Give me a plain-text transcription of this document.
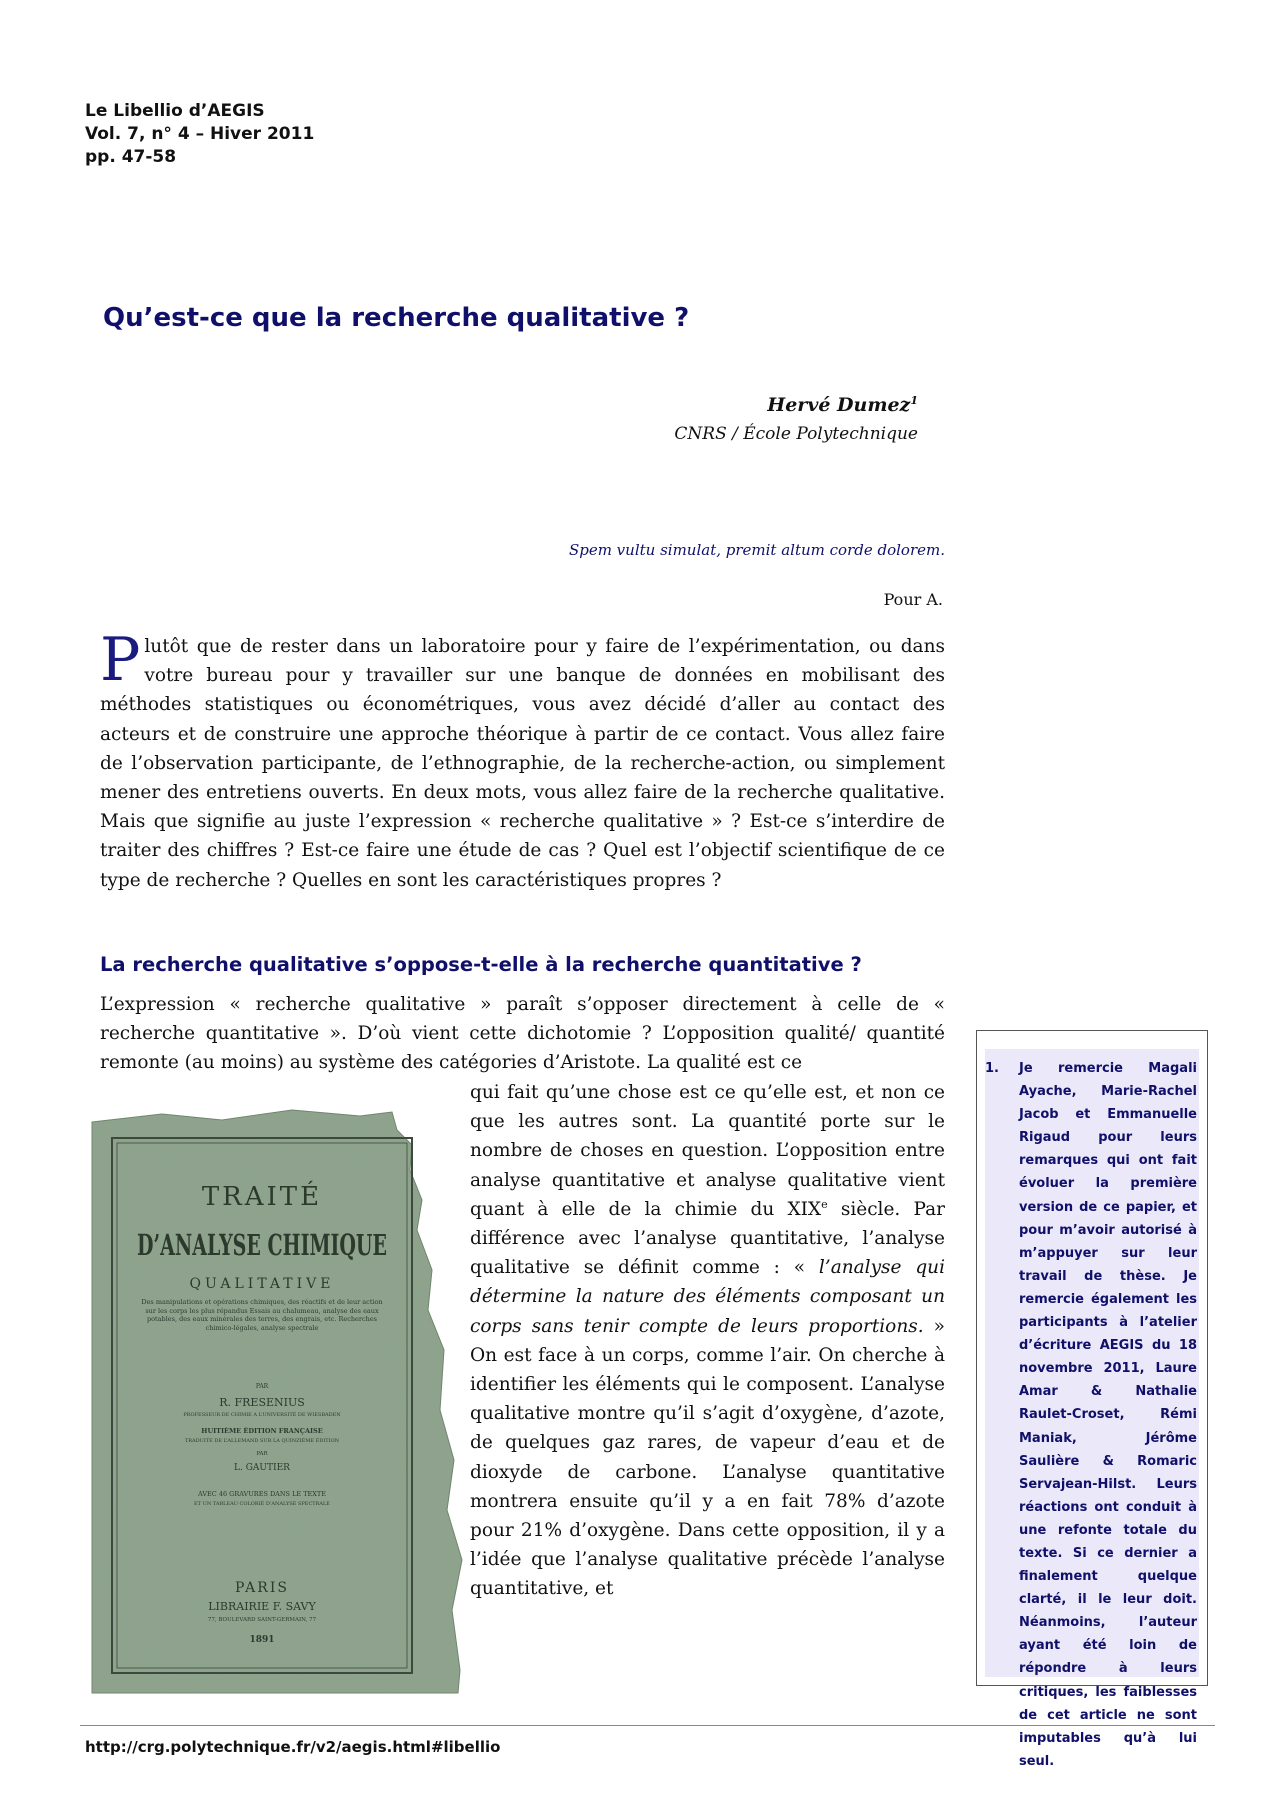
Le Libellio d’AEGIS
Vol. 7, n° 4 – Hiver 2011
pp. 47-58
Qu’est-ce que la recherche qualitative ?
Hervé Dumez$^1$
CNRS / École Polytechnique
Spem vultu simulat, premit altum corde dolorem.
Pour A.
Plutôt que de rester dans un laboratoire pour y faire de l’expérimentation, ou dans votre bureau pour y travailler sur une banque de données en mobilisant des méthodes statistiques ou économétriques, vous avez décidé d’aller au contact des acteurs et de construire une approche théorique à partir de ce contact. Vous allez faire de l’observation participante, de l’ethnographie, de la recherche-action, ou simplement mener des entretiens ouverts. En deux mots, vous allez faire de la recherche qualitative. Mais que signifie au juste l’expression « recherche qualitative » ? Est-ce s’interdire de traiter des chiffres ? Est-ce faire une étude de cas ? Quel est l’objectif scientifique de ce type de recherche ? Quelles en sont les caractéristiques propres ?
La recherche qualitative s’oppose-t-elle à la recherche quantitative ?
L’expression « recherche qualitative » paraît s’opposer directement à celle de « recherche quantitative ». D’où vient cette dichotomie ? L’opposition qualité/ quantité remonte (au moins) au système des catégories d’Aristote. La qualité est ce

qui fait qu’une chose est ce qu’elle est, et non ce que les autres sont. La quantité porte sur le nombre de choses en question. L’opposition entre analyse quantitative et analyse qualitative vient quant à elle de la chimie du XIXe siècle. Par différence avec l’analyse quantitative, l’analyse qualitative se définit comme : « l’analyse qui détermine la nature des éléments composant un corps sans tenir compte de leurs proportions. » On est face à un corps, comme l’air. On cherche à identifier les éléments qui le composent. L’analyse qualitative montre qu’il s’agit d’oxygène, d’azote, de quelques gaz rares, de vapeur d’eau et de dioxyde de carbone. L’analyse quantitative montrera ensuite qu’il y a en fait 78% d’azote pour 21% d’oxygène. Dans cette opposition, il y a l’idée que l’analyse qualitative précède l’analyse quantitative, et

TRAITÉ
D’ANALYSE CHIMIQUE
QUALITATIVE
Des manipulations et opérations chimiques, des réactifs et de leur action sur les corps les plus répandus Essais au chalumeau, analyse des eaux potables, des eaux minérales des terres, des engrais, etc. Recherches chimico-légales, analyse spectrale
PAR
R. FRESENIUS
PROFESSEUR DE CHIMIE A L’UNIVERSITÉ DE WIESBADEN
HUITIÈME ÉDITION FRANÇAISE
TRADUITE DE L’ALLEMAND SUR LA QUINZIÈME ÉDITION
PAR
L. GAUTIER
AVEC 46 GRAVURES DANS LE TEXTE
ET UN TABLEAU COLORIÉ D’ANALYSE SPECTRALE
PARIS
LIBRAIRIE F. SAVY
77, BOULEVARD SAINT-GERMAIN, 77
1891
1. Je remercie Magali Ayache, Marie-Rachel Jacob et Emmanuelle Rigaud pour leurs remarques qui ont fait évoluer la première version de ce papier, et pour m’avoir autorisé à m’appuyer sur leur travail de thèse. Je remercie également les participants à l’atelier d’écriture AEGIS du 18 novembre 2011, Laure Amar & Nathalie Raulet-Croset, Rémi Maniak, Jérôme Saulière & Romaric Servajean-Hilst. Leurs réactions ont conduit à une refonte totale du texte. Si ce dernier a finalement quelque clarté, il le leur doit. Néanmoins, l’auteur ayant été loin de répondre à leurs critiques, les faiblesses de cet article ne sont imputables qu’à lui seul.
http://crg.polytechnique.fr/v2/aegis.html#libellio
